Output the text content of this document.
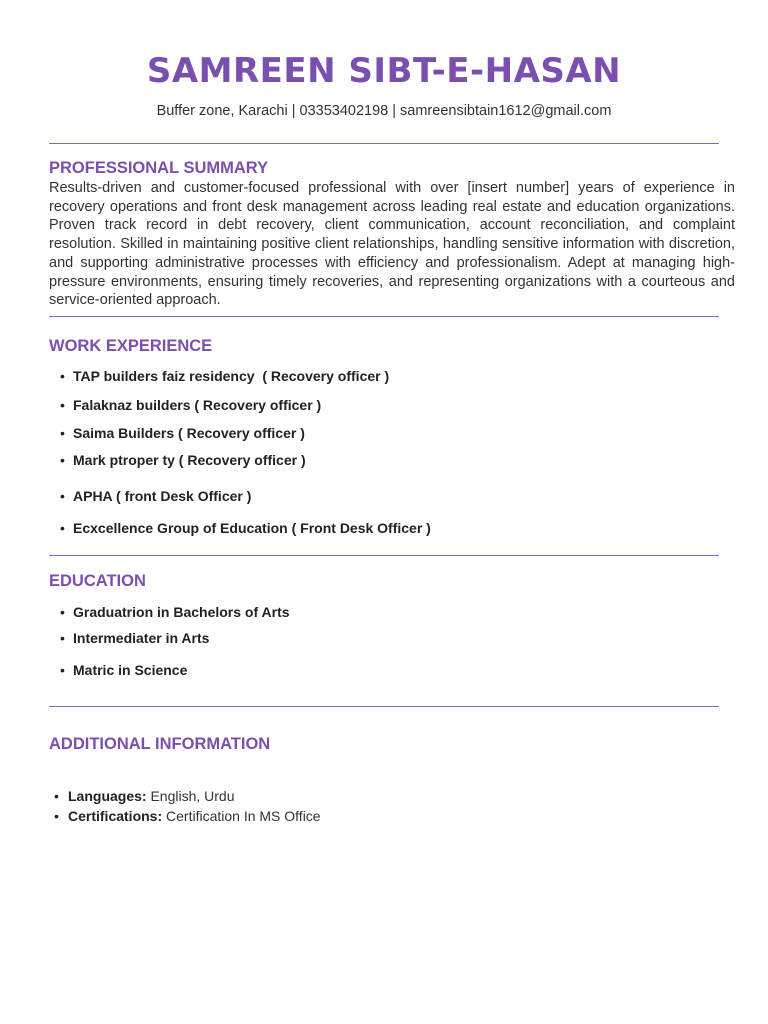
SAMREEN SIBT-E-HASAN
Buffer zone, Karachi | 03353402198 | samreensibtain1612@gmail.com
PROFESSIONAL SUMMARY

Results-driven and customer-focused professional with over [insert number] years of experience in recovery operations and front desk management across leading real estate and education organizations. Proven track record in debt recovery, client communication, account reconciliation, and complaint resolution. Skilled in maintaining positive client relationships, handling sensitive information with discretion, and supporting administrative processes with efficiency and professionalism. Adept at managing high-pressure environments, ensuring timely recoveries, and representing organizations with a courteous and service-oriented approach.

WORK EXPERIENCE
• TAP builders faiz residency  ( Recovery officer )
• Falaknaz builders ( Recovery officer )
• Saima Builders ( Recovery officer )
• Mark ptroper ty ( Recovery officer )
• APHA ( front Desk Officer )
• Ecxcellence Group of Education ( Front Desk Officer )
EDUCATION
• Graduatrion in Bachelors of Arts
• Intermediater in Arts
• Matric in Science
ADDITIONAL INFORMATION
• Languages: English, Urdu
• Certifications: Certification In MS Office
